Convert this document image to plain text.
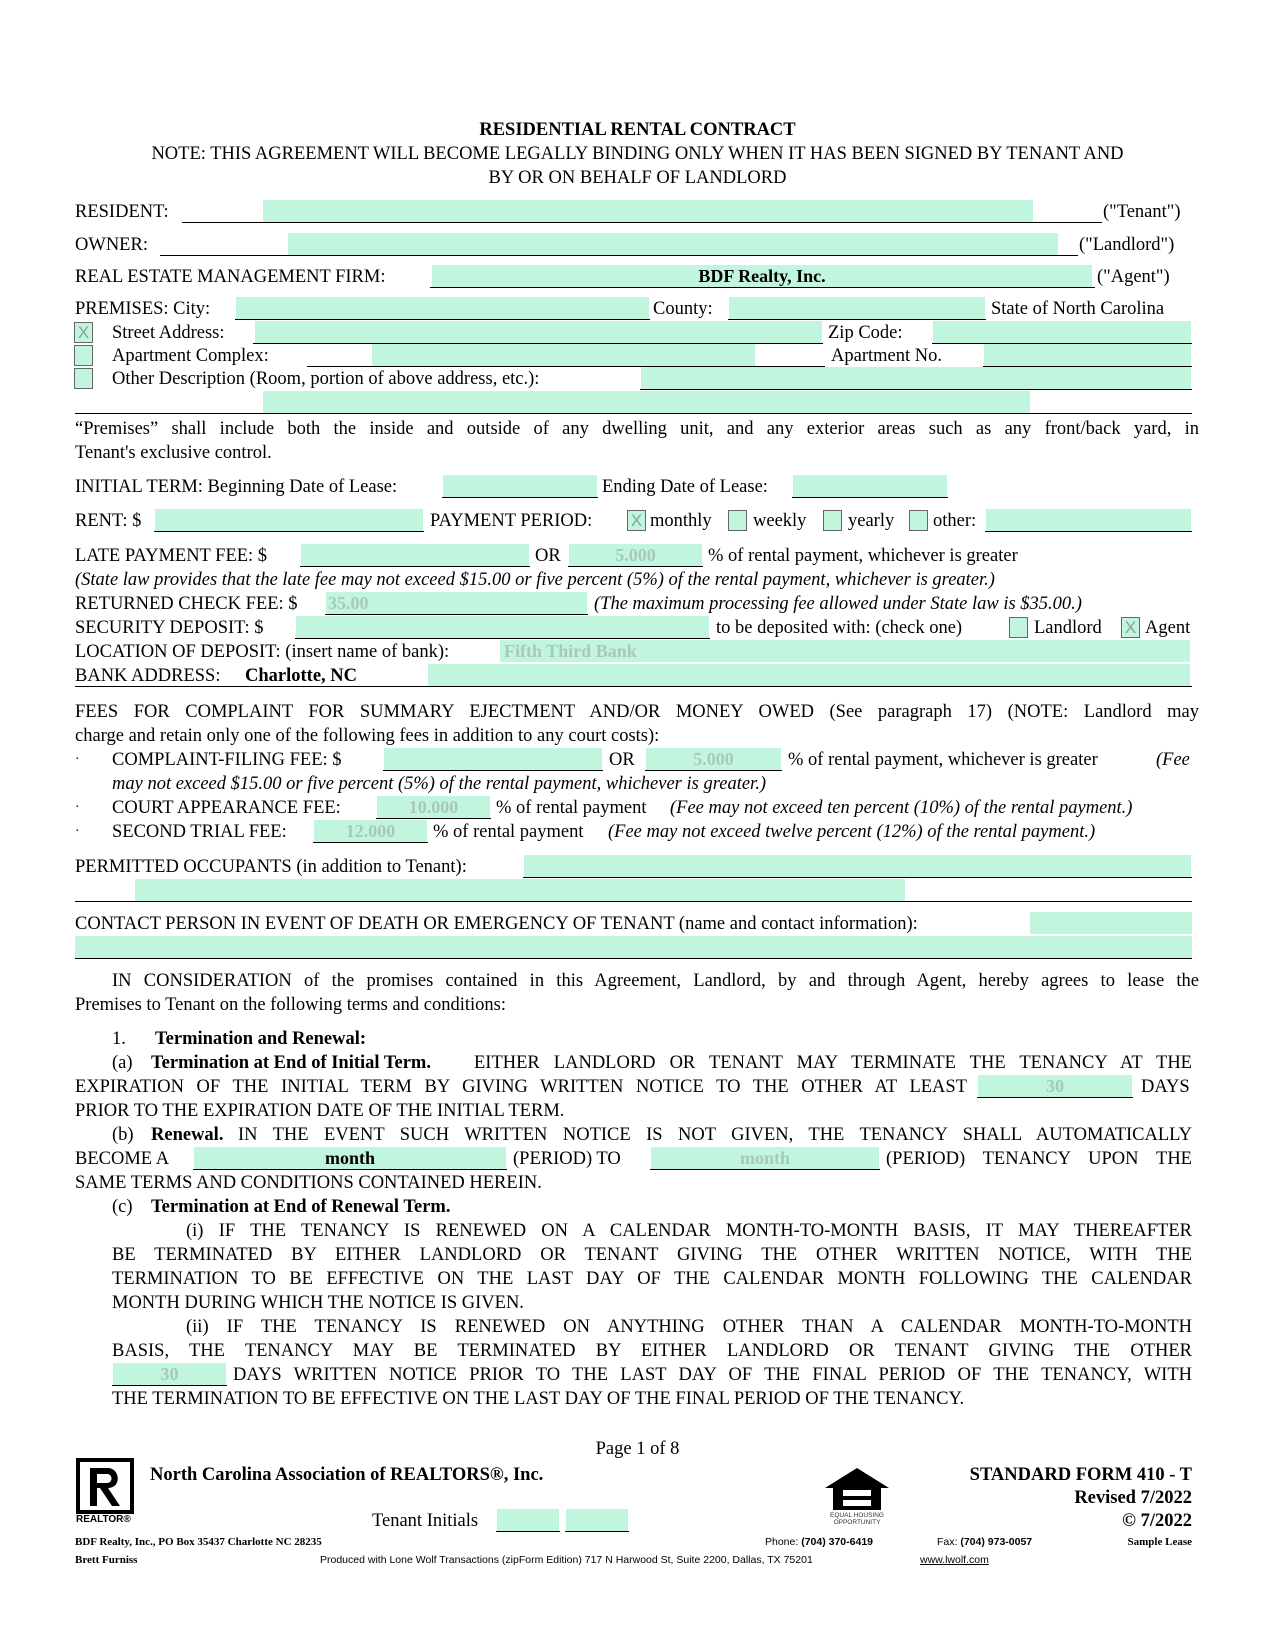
RESIDENTIAL RENTAL CONTRACT
NOTE: THIS AGREEMENT WILL BECOME LEGALLY BINDING ONLY WHEN IT HAS BEEN SIGNED BY TENANT AND
BY OR ON BEHALF OF LANDLORD
RESIDENT:	("Tenant")
OWNER:	("Landlord")
REAL ESTATE MANAGEMENT FIRM:	BDF Realty, Inc.	("Agent")
PREMISES: City:	County:	State of North Carolina
X Street Address:	Zip Code:
Apartment Complex:	Apartment No.
Other Description (Room, portion of above address, etc.):
“Premises” shall include both the inside and outside of any dwelling unit, and any exterior areas such as any front/back yard, in
Tenant's exclusive control.
INITIAL TERM: Beginning Date of Lease:	Ending Date of Lease:
RENT: $	PAYMENT PERIOD: X monthly weekly yearly other:
LATE PAYMENT FEE: $	OR	5.000	% of rental payment, whichever is greater
(State law provides that the late fee may not exceed $15.00 or five percent (5%) of the rental payment, whichever is greater.)
RETURNED CHECK FEE: $ 35.00	(The maximum processing fee allowed under State law is $35.00.)
SECURITY DEPOSIT: $	to be deposited with: (check one)	Landlord X Agent
LOCATION OF DEPOSIT: (insert name of bank):	Fifth Third Bank
BANK ADDRESS: Charlotte, NC
FEES FOR COMPLAINT FOR SUMMARY EJECTMENT AND/OR MONEY OWED (See paragraph 17) (NOTE: Landlord may
charge and retain only one of the following fees in addition to any court costs):
· COMPLAINT-FILING FEE: $	OR	5.000	% of rental payment, whichever is greater	(Fee
may not exceed $15.00 or five percent (5%) of the rental payment, whichever is greater.)
· COURT APPEARANCE FEE:	10.000	% of rental payment (Fee may not exceed ten percent (10%) of the rental payment.)
· SECOND TRIAL FEE:	12.000	% of rental payment (Fee may not exceed twelve percent (12%) of the rental payment.)
PERMITTED OCCUPANTS (in addition to Tenant):
CONTACT PERSON IN EVENT OF DEATH OR EMERGENCY OF TENANT (name and contact information):
IN CONSIDERATION of the promises contained in this Agreement, Landlord, by and through Agent, hereby agrees to lease the
Premises to Tenant on the following terms and conditions:
1. Termination and Renewal:
(a) Termination at End of Initial Term. EITHER LANDLORD OR TENANT MAY TERMINATE THE TENANCY AT THE
EXPIRATION OF THE INITIAL TERM BY GIVING WRITTEN NOTICE TO THE OTHER AT LEAST	30	DAYS
PRIOR TO THE EXPIRATION DATE OF THE INITIAL TERM.
(b) Renewal. IN THE EVENT SUCH WRITTEN NOTICE IS NOT GIVEN, THE TENANCY SHALL AUTOMATICALLY
BECOME A	month	(PERIOD) TO	month	(PERIOD) TENANCY UPON THE
SAME TERMS AND CONDITIONS CONTAINED HEREIN.
(c) Termination at End of Renewal Term.
(i) IF THE TENANCY IS RENEWED ON A CALENDAR MONTH-TO-MONTH BASIS, IT MAY THEREAFTER
BE TERMINATED BY EITHER LANDLORD OR TENANT GIVING THE OTHER WRITTEN NOTICE, WITH THE
TERMINATION TO BE EFFECTIVE ON THE LAST DAY OF THE CALENDAR MONTH FOLLOWING THE CALENDAR
MONTH DURING WHICH THE NOTICE IS GIVEN.
(ii) IF THE TENANCY IS RENEWED ON ANYTHING OTHER THAN A CALENDAR MONTH-TO-MONTH
BASIS, THE TENANCY MAY BE TERMINATED BY EITHER LANDLORD OR TENANT GIVING THE OTHER
30	DAYS WRITTEN NOTICE PRIOR TO THE LAST DAY OF THE FINAL PERIOD OF THE TENANCY, WITH
THE TERMINATION TO BE EFFECTIVE ON THE LAST DAY OF THE FINAL PERIOD OF THE TENANCY.
Page 1 of 8
REALTOR®
North Carolina Association of REALTORS®, Inc.
Tenant Initials	EQUAL HOUSING OPPORTUNITY
STANDARD FORM 410 - T
Revised 7/2022
© 7/2022
BDF Realty, Inc., PO Box 35437 Charlotte NC 28235	Phone: (704) 370-6419	Fax: (704) 973-0057	Sample Lease
Brett Furniss	Produced with Lone Wolf Transactions (zipForm Edition) 717 N Harwood St, Suite 2200, Dallas, TX 75201	www.lwolf.com
